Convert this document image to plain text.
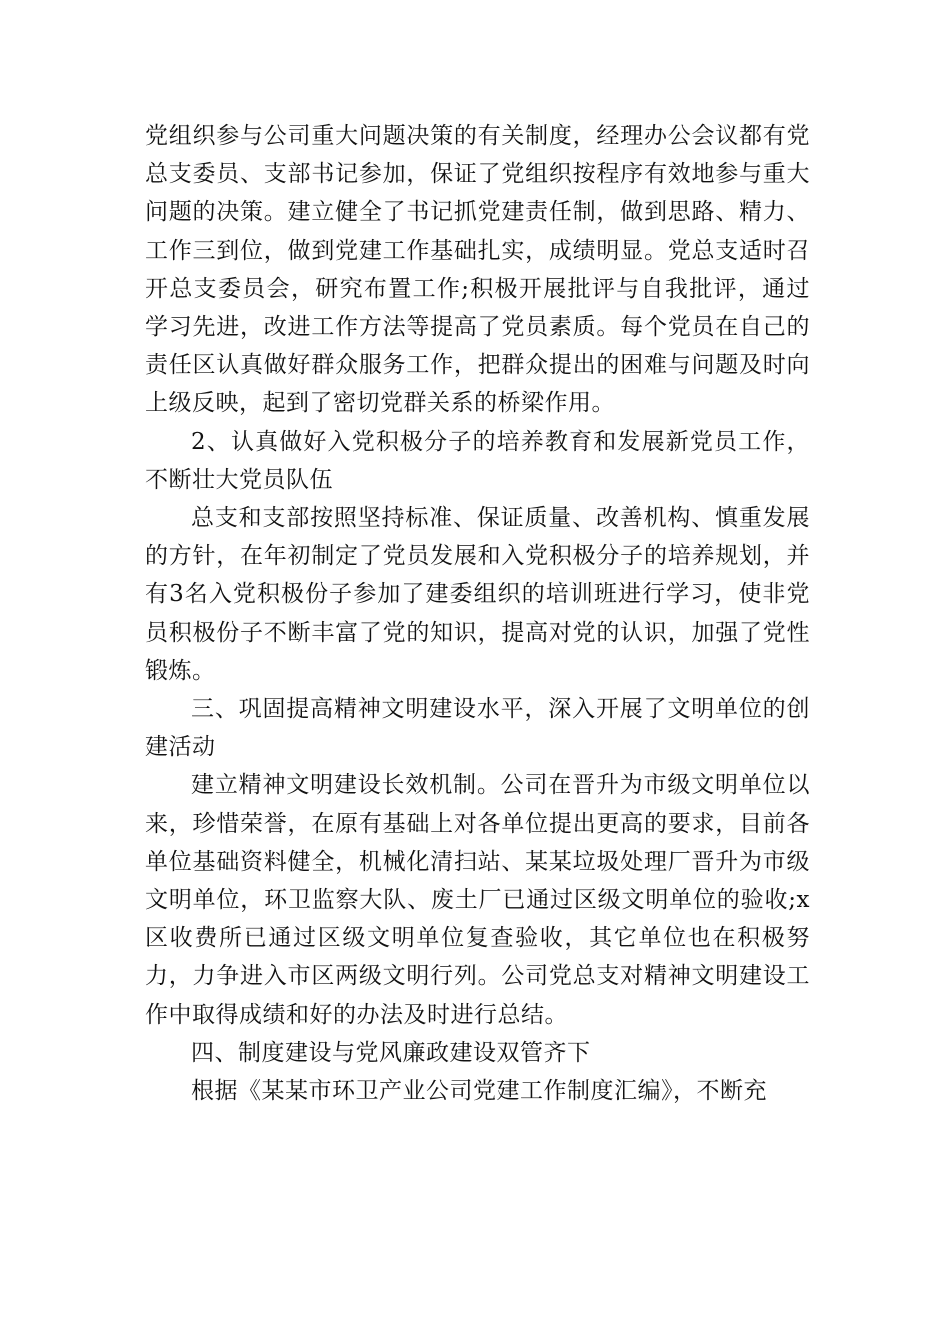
党组织参与公司重大问题决策的有关制度，经理办公会议都有党总支委员、支部书记参加，保证了党组织按程序有效地参与重大问题的决策。建立健全了书记抓党建责任制，做到思路、精力、工作三到位，做到党建工作基础扎实，成绩明显。党总支适时召开总支委员会，研究布置工作;积极开展批评与自我批评，通过学习先进，改进工作方法等提高了党员素质。每个党员在自己的责任区认真做好群众服务工作，把群众提出的困难与问题及时向上级反映，起到了密切党群关系的桥梁作用。

2、认真做好入党积极分子的培养教育和发展新党员工作，不断壮大党员队伍

总支和支部按照坚持标准、保证质量、改善机构、慎重发展的方针，在年初制定了党员发展和入党积极分子的培养规划，并有3名入党积极份子参加了建委组织的培训班进行学习，使非党员积极份子不断丰富了党的知识，提高对党的认识，加强了党性锻炼。

三、巩固提高精神文明建设水平，深入开展了文明单位的创建活动

建立精神文明建设长效机制。公司在晋升为市级文明单位以来，珍惜荣誉，在原有基础上对各单位提出更高的要求，目前各单位基础资料健全，机械化清扫站、某某垃圾处理厂晋升为市级文明单位，环卫监察大队、废土厂已通过区级文明单位的验收;x区收费所已通过区级文明单位复查验收，其它单位也在积极努力，力争进入市区两级文明行列。公司党总支对精神文明建设工作中取得成绩和好的办法及时进行总结。

四、制度建设与党风廉政建设双管齐下

根据《某某市环卫产业公司党建工作制度汇编》，不断充
